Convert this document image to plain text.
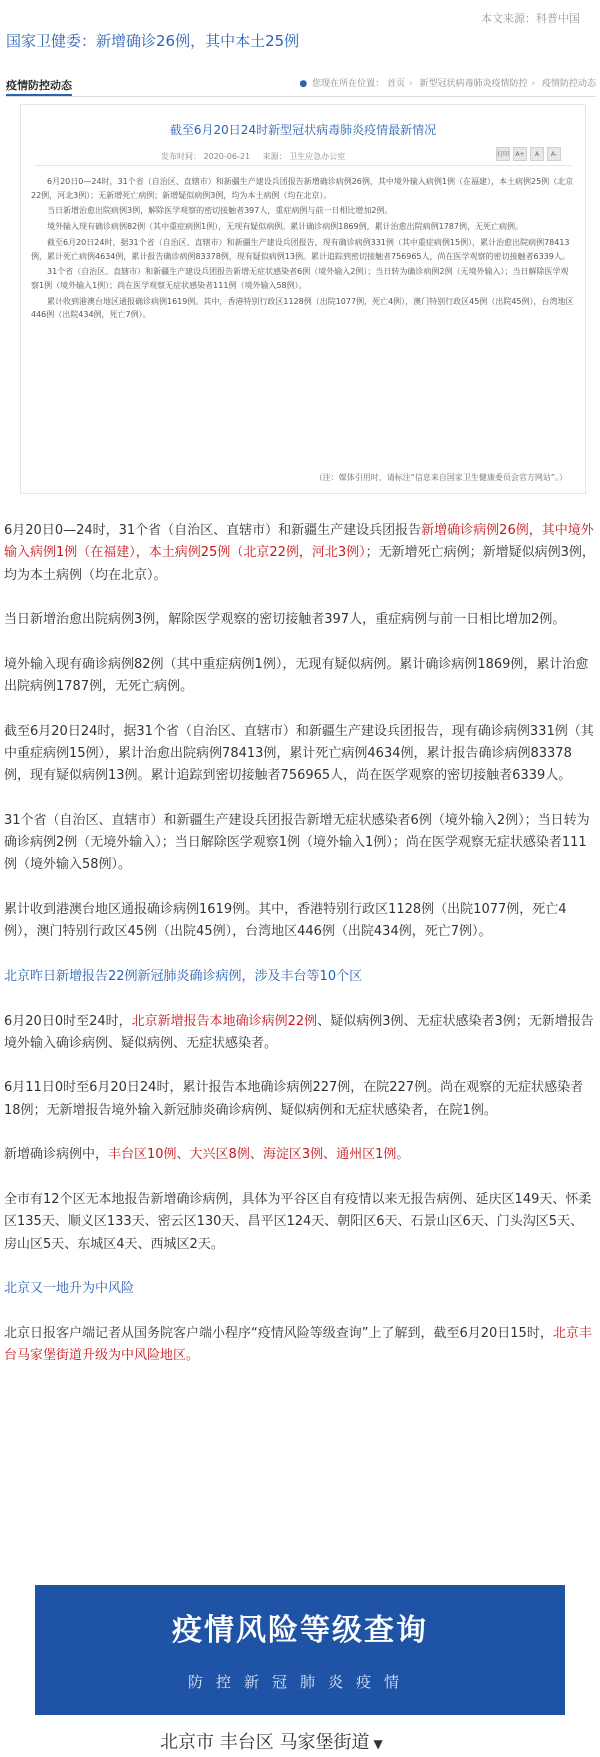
本文来源：科普中国
国家卫健委：新增确诊26例，其中本土25例
疫情防控动态	● 您现在所在位置： 首页 › 新型冠状病毒肺炎疫情防控 › 疫情防控动态
截至6月20日24时新型冠状病毒肺炎疫情最新情况
发布时间： 2020-06-21 来源： 卫生应急办公室	打印	A+	A	A-

6月20日0—24时，31个省（自治区、直辖市）和新疆生产建设兵团报告新增确诊病例26例，其中境外输入病例1例（在福建），本土病例25例（北京22例，河北3例）；无新增死亡病例；新增疑似病例3例，均为本土病例（均在北京）。

当日新增治愈出院病例3例，解除医学观察的密切接触者397人，重症病例与前一日相比增加2例。

境外输入现有确诊病例82例（其中重症病例1例），无现有疑似病例。累计确诊病例1869例，累计治愈出院病例1787例，无死亡病例。

截至6月20日24时，据31个省（自治区、直辖市）和新疆生产建设兵团报告，现有确诊病例331例（其中重症病例15例），累计治愈出院病例78413例，累计死亡病例4634例，累计报告确诊病例83378例，现有疑似病例13例。累计追踪到密切接触者756965人，尚在医学观察的密切接触者6339人。

31个省（自治区、直辖市）和新疆生产建设兵团报告新增无症状感染者6例（境外输入2例）；当日转为确诊病例2例（无境外输入）；当日解除医学观察1例（境外输入1例）；尚在医学观察无症状感染者111例（境外输入58例）。

累计收到港澳台地区通报确诊病例1619例。其中，香港特别行政区1128例（出院1077例，死亡4例），澳门特别行政区45例（出院45例），台湾地区446例（出院434例，死亡7例）。

（注：媒体引用时，请标注“信息来自国家卫生健康委员会官方网站”。）

6月20日0—24时，31个省（自治区、直辖市）和新疆生产建设兵团报告新增确诊病例26例，其中境外输入病例1例（在福建），本土病例25例（北京22例，河北3例）；无新增死亡病例；新增疑似病例3例，均为本土病例（均在北京）。

当日新增治愈出院病例3例，解除医学观察的密切接触者397人，重症病例与前一日相比增加2例。

境外输入现有确诊病例82例（其中重症病例1例），无现有疑似病例。累计确诊病例1869例，累计治愈出院病例1787例，无死亡病例。

截至6月20日24时，据31个省（自治区、直辖市）和新疆生产建设兵团报告，现有确诊病例331例（其中重症病例15例），累计治愈出院病例78413例，累计死亡病例4634例，累计报告确诊病例83378例，现有疑似病例13例。累计追踪到密切接触者756965人，尚在医学观察的密切接触者6339人。

31个省（自治区、直辖市）和新疆生产建设兵团报告新增无症状感染者6例（境外输入2例）；当日转为确诊病例2例（无境外输入）；当日解除医学观察1例（境外输入1例）；尚在医学观察无症状感染者111例（境外输入58例）。

累计收到港澳台地区通报确诊病例1619例。其中，香港特别行政区1128例（出院1077例，死亡4例），澳门特别行政区45例（出院45例），台湾地区446例（出院434例，死亡7例）。

北京昨日新增报告22例新冠肺炎确诊病例，涉及丰台等10个区

6月20日0时至24时，北京新增报告本地确诊病例22例、疑似病例3例、无症状感染者3例；无新增报告境外输入确诊病例、疑似病例、无症状感染者。

6月11日0时至6月20日24时，累计报告本地确诊病例227例，在院227例。尚在观察的无症状感染者18例；无新增报告境外输入新冠肺炎确诊病例、疑似病例和无症状感染者，在院1例。

新增确诊病例中，丰台区10例、大兴区8例、海淀区3例、通州区1例。

全市有12个区无本地报告新增确诊病例，具体为平谷区自有疫情以来无报告病例、延庆区149天、怀柔区135天、顺义区133天、密云区130天、昌平区124天、朝阳区6天、石景山区6天、门头沟区5天、房山区5天、东城区4天、西城区2天。

北京又一地升为中风险

北京日报客户端记者从国务院客户端小程序“疫情风险等级查询”上了解到，截至6月20日15时，北京丰台马家堡街道升级为中风险地区。

疫情风险等级查询
防控新冠肺炎疫情
北京市 丰台区 马家堡街道 ▼
